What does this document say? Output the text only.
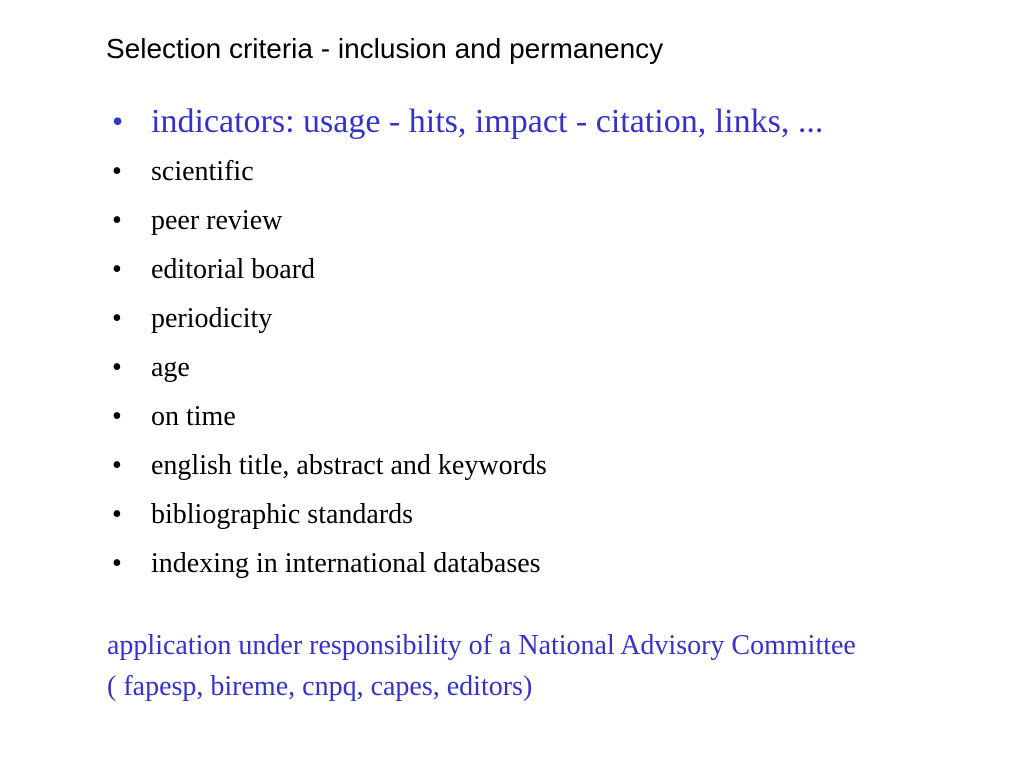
Selection criteria - inclusion and permanency
• indicators: usage - hits, impact - citation, links, ...
•	scientific
•	peer review
•	editorial board
•	periodicity
•	age
•	on time
•	english title, abstract and keywords
•	bibliographic standards
•	indexing in international databases
application under responsibility of a National Advisory Committee
( fapesp, bireme, cnpq, capes, editors)
